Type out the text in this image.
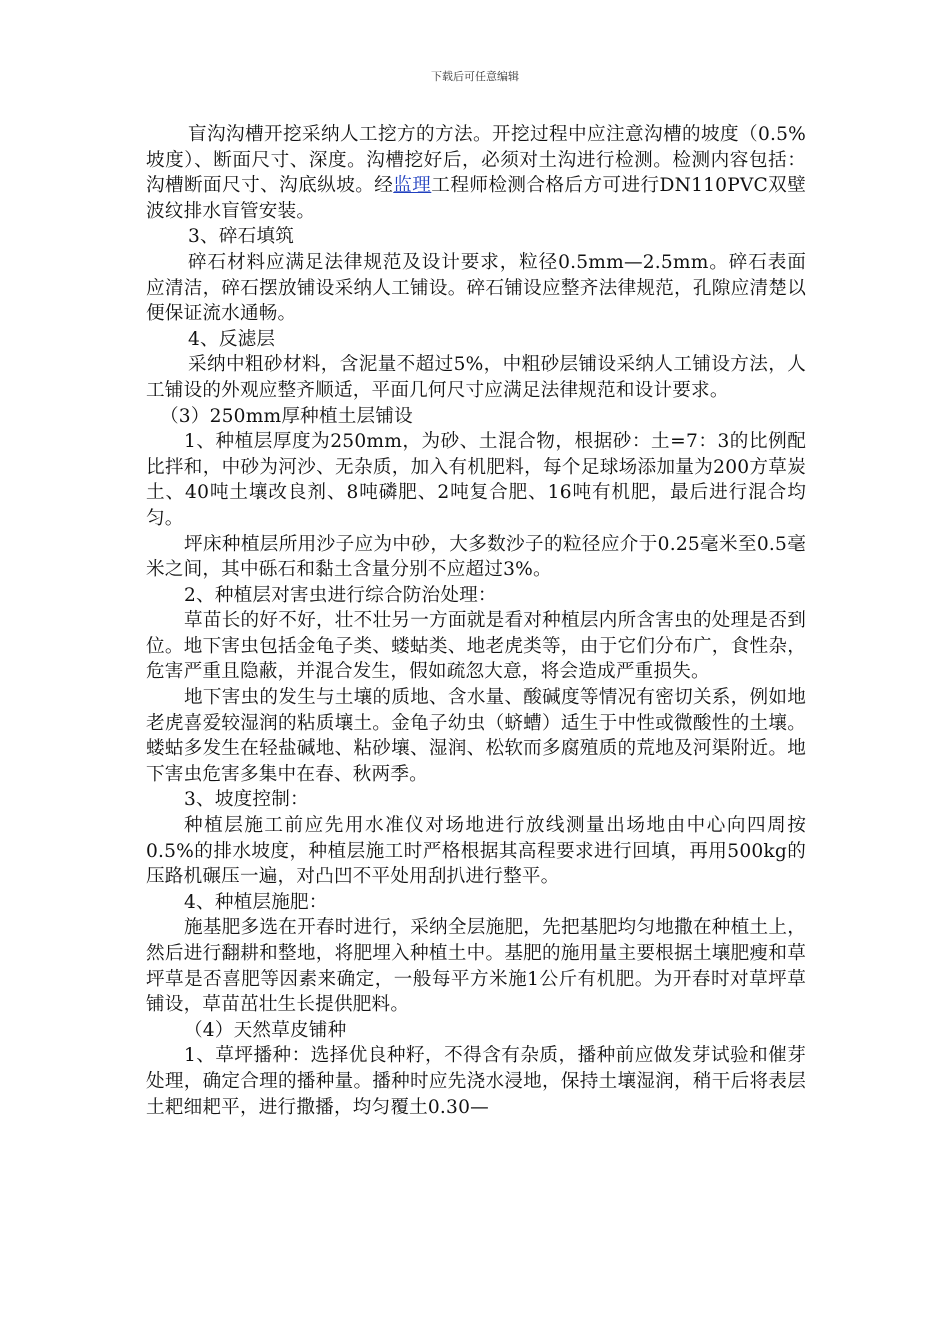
下载后可任意编辑

盲沟沟槽开挖采纳人工挖方的方法。开挖过程中应注意沟槽的坡度（0.5%坡度）、断面尺寸、深度。沟槽挖好后，必须对土沟进行检测。检测内容包括：沟槽断面尺寸、沟底纵坡。经监理工程师检测合格后方可进行DN110PVC双壁波纹排水盲管安装。

3、碎石填筑

碎石材料应满足法律规范及设计要求，粒径0.5mm—2.5mm。碎石表面应清洁，碎石摆放铺设采纳人工铺设。碎石铺设应整齐法律规范，孔隙应清楚以便保证流水通畅。

4、反滤层

采纳中粗砂材料，含泥量不超过5%，中粗砂层铺设采纳人工铺设方法，人工铺设的外观应整齐顺适，平面几何尺寸应满足法律规范和设计要求。

（3）250mm厚种植土层铺设

1、种植层厚度为250mm，为砂、土混合物，根据砂：土=7：3的比例配比拌和，中砂为河沙、无杂质，加入有机肥料，每个足球场添加量为200方草炭土、40吨土壤改良剂、8吨磷肥、2吨复合肥、16吨有机肥，最后进行混合均匀。

坪床种植层所用沙子应为中砂，大多数沙子的粒径应介于0.25毫米至0.5毫米之间，其中砾石和黏土含量分别不应超过3%。

2、种植层对害虫进行综合防治处理：

草苗长的好不好，壮不壮另一方面就是看对种植层内所含害虫的处理是否到位。地下害虫包括金龟子类、蝼蛄类、地老虎类等，由于它们分布广，食性杂，危害严重且隐蔽，并混合发生，假如疏忽大意，将会造成严重损失。

地下害虫的发生与土壤的质地、含水量、酸碱度等情况有密切关系，例如地老虎喜爱较湿润的粘质壤土。金龟子幼虫（蛴螬）适生于中性或微酸性的土壤。蝼蛄多发生在轻盐碱地、粘砂壤、湿润、松软而多腐殖质的荒地及河渠附近。地下害虫危害多集中在春、秋两季。

3、坡度控制：

种植层施工前应先用水准仪对场地进行放线测量出场地由中心向四周按0.5%的排水坡度，种植层施工时严格根据其高程要求进行回填，再用500kg的压路机碾压一遍，对凸凹不平处用刮扒进行整平。

4、种植层施肥：

施基肥多选在开春时进行，采纳全层施肥，先把基肥均匀地撒在种植土上，然后进行翻耕和整地，将肥埋入种植土中。基肥的施用量主要根据土壤肥瘦和草坪草是否喜肥等因素来确定，一般每平方米施1公斤有机肥。为开春时对草坪草铺设，草苗茁壮生长提供肥料。

（4）天然草皮铺种

1、草坪播种：选择优良种籽，不得含有杂质，播种前应做发芽试验和催芽处理，确定合理的播种量。播种时应先浇水浸地，保持土壤湿润，稍干后将表层土耙细耙平，进行撒播，均匀覆土0.30—
